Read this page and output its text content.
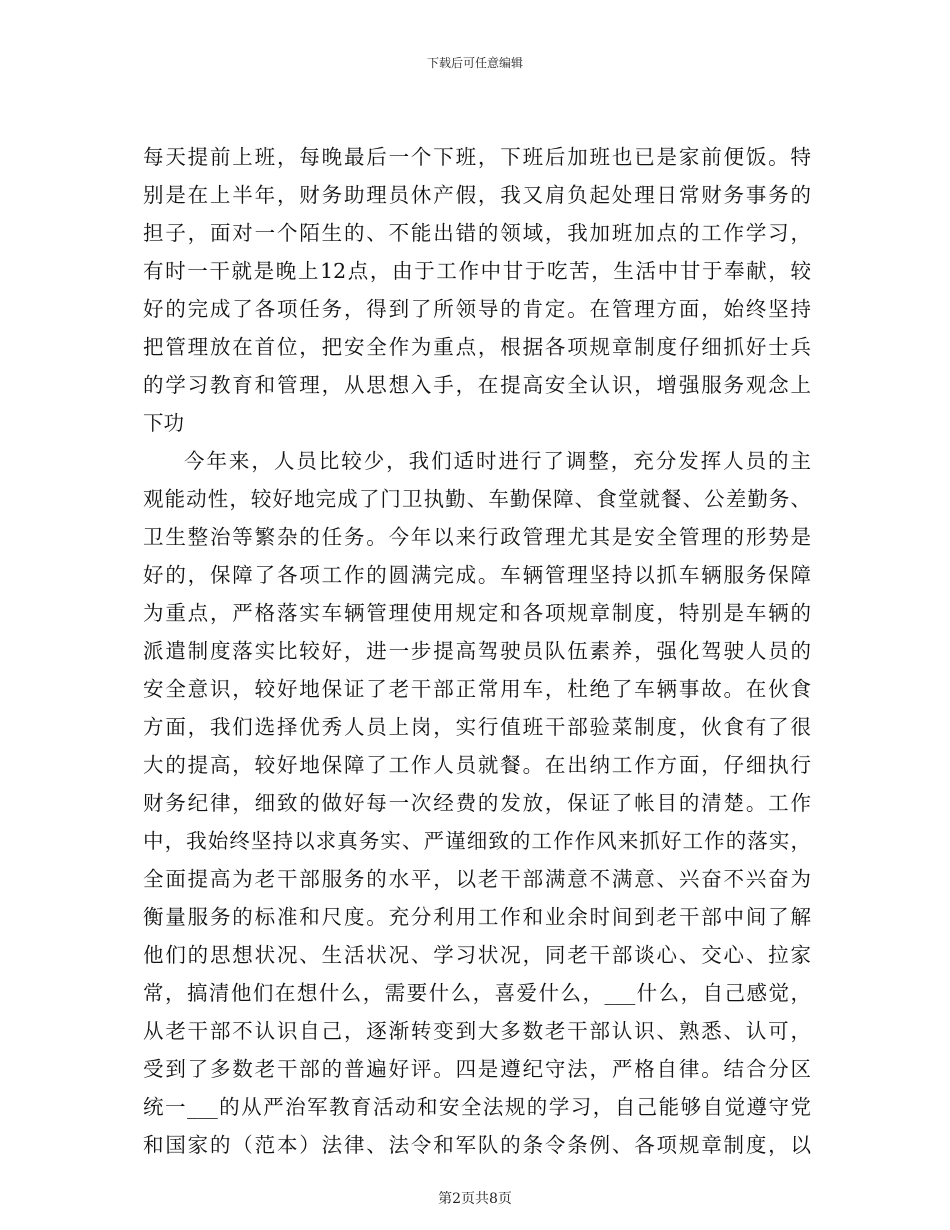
下载后可任意编辑
每天提前上班，每晚最后一个下班，下班后加班也已是家前便饭。特
别是在上半年，财务助理员休产假，我又肩负起处理日常财务事务的
担子，面对一个陌生的、不能出错的领域，我加班加点的工作学习，
有时一干就是晚上12点，由于工作中甘于吃苦，生活中甘于奉献，较
好的完成了各项任务，得到了所领导的肯定。在管理方面，始终坚持
把管理放在首位，把安全作为重点，根据各项规章制度仔细抓好士兵
的学习教育和管理，从思想入手，在提高安全认识，增强服务观念上
下功
今年来，人员比较少，我们适时进行了调整，充分发挥人员的主
观能动性，较好地完成了门卫执勤、车勤保障、食堂就餐、公差勤务、
卫生整治等繁杂的任务。今年以来行政管理尤其是安全管理的形势是
好的，保障了各项工作的圆满完成。车辆管理坚持以抓车辆服务保障
为重点，严格落实车辆管理使用规定和各项规章制度，特别是车辆的
派遣制度落实比较好，进一步提高驾驶员队伍素养，强化驾驶人员的
安全意识，较好地保证了老干部正常用车，杜绝了车辆事故。在伙食
方面，我们选择优秀人员上岗，实行值班干部验菜制度，伙食有了很
大的提高，较好地保障了工作人员就餐。在出纳工作方面，仔细执行
财务纪律，细致的做好每一次经费的发放，保证了帐目的清楚。工作
中，我始终坚持以求真务实、严谨细致的工作作风来抓好工作的落实，
全面提高为老干部服务的水平，以老干部满意不满意、兴奋不兴奋为
衡量服务的标准和尺度。充分利用工作和业余时间到老干部中间了解
他们的思想状况、生活状况、学习状况，同老干部谈心、交心、拉家
常，搞清他们在想什么，需要什么，喜爱什么，___什么，自己感觉，
从老干部不认识自己，逐渐转变到大多数老干部认识、熟悉、认可，
受到了多数老干部的普遍好评。四是遵纪守法，严格自律。结合分区
统一___的从严治军教育活动和安全法规的学习，自己能够自觉遵守党
和国家的（范本）法律、法令和军队的条令条例、各项规章制度，以
第2页共8页
